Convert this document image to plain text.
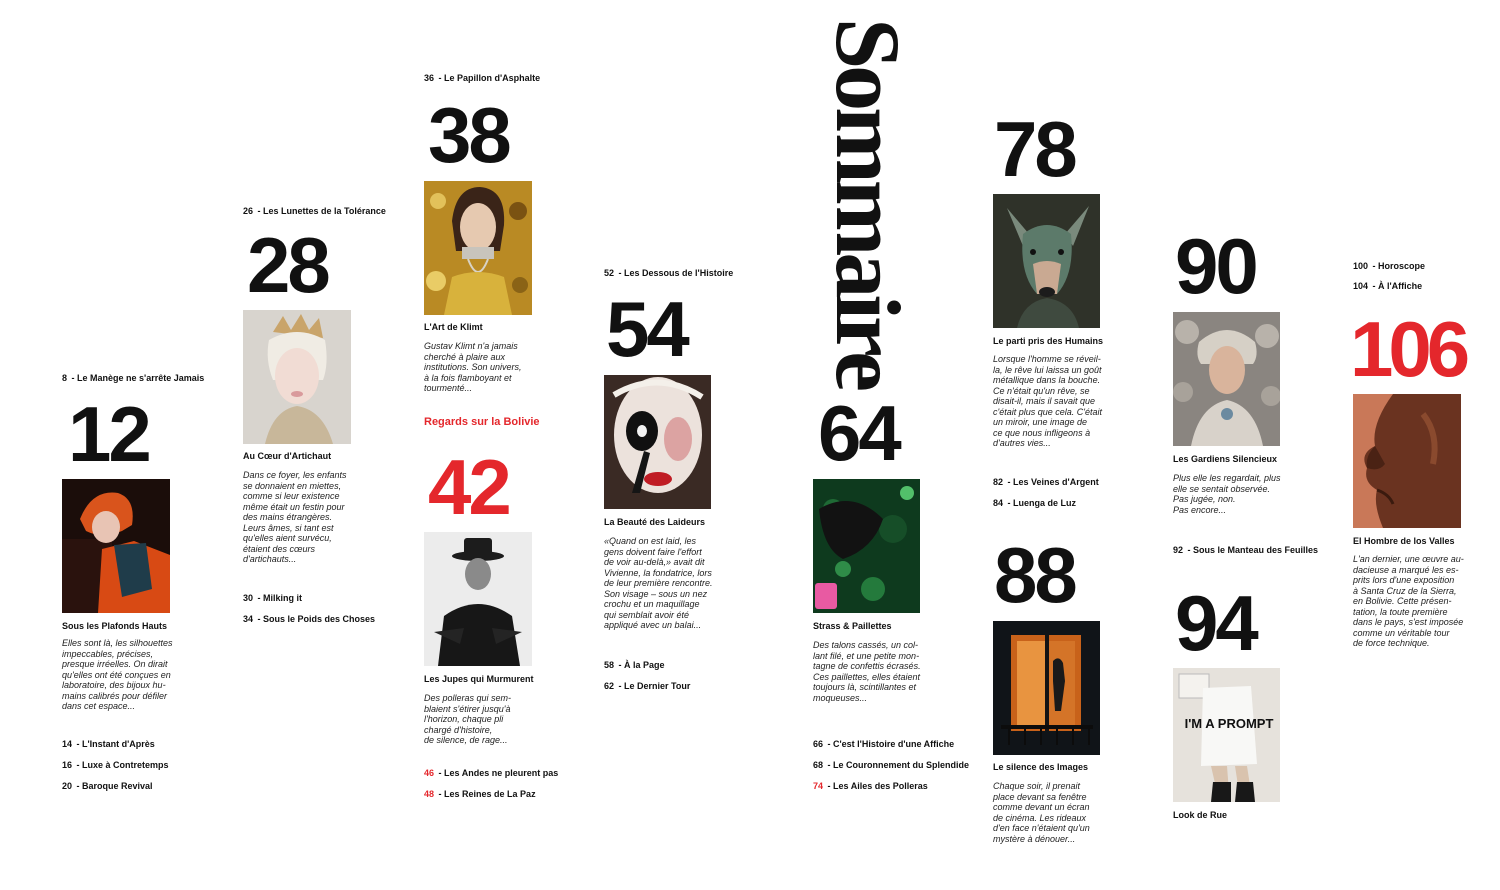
Sommaire
8 - Le Manège ne s'arrête Jamais
12
Sous les Plafonds Hauts
Elles sont là, les silhouettes
impeccables, précises,
presque irréelles. On dirait
qu'elles ont été conçues en
laboratoire, des bijoux hu-
mains calibrés pour défiler
dans cet espace...
14 - L'Instant d'Après
16 - Luxe à Contretemps
20 - Baroque Revival
26 - Les Lunettes de la Tolérance
28
Au Cœur d'Artichaut
Dans ce foyer, les enfants
se donnaient en miettes,
comme si leur existence
même était un festin pour
des mains étrangères.
Leurs âmes, si tant est
qu'elles aient survécu,
étaient des cœurs
d'artichauts...
30 - Milking it
34 - Sous le Poids des Choses
36 - Le Papillon d'Asphalte
38
L'Art de Klimt
Gustav Klimt n'a jamais
cherché à plaire aux
institutions. Son univers,
à la fois flamboyant et
tourmenté...
Regards sur la Bolivie
42
Les Jupes qui Murmurent
Des polleras qui sem-
blaient s'étirer jusqu'à
l'horizon, chaque pli
chargé d'histoire,
de silence, de rage...
46 - Les Andes ne pleurent pas
48 - Les Reines de La Paz
52 - Les Dessous de l'Histoire
54
La Beauté des Laideurs
«Quand on est laid, les
gens doivent faire l'effort
de voir au-delà,» avait dit
Vivienne, la fondatrice, lors
de leur première rencontre.
Son visage – sous un nez
crochu et un maquillage
qui semblait avoir été
appliqué avec un balai...
58 - À la Page
62 - Le Dernier Tour
64
Strass & Paillettes
Des talons cassés, un col-
lant filé, et une petite mon-
tagne de confettis écrasés.
Ces paillettes, elles étaient
toujours là, scintillantes et
moqueuses...
66 - C'est l'Histoire d'une Affiche
68 - Le Couronnement du Splendide
74 - Les Ailes des Polleras
78
Le parti pris des Humains
Lorsque l'homme se réveil-
la, le rêve lui laissa un goût
métallique dans la bouche.
Ce n'était qu'un rêve, se
disait-il, mais il savait que
c'était plus que cela. C'était
un miroir, une image de
ce que nous infligeons à
d'autres vies...
82 - Les Veines d'Argent
84 - Luenga de Luz
88
Le silence des Images
Chaque soir, il prenait
place devant sa fenêtre
comme devant un écran
de cinéma. Les rideaux
d'en face n'étaient qu'un
mystère à dénouer...
90
Les Gardiens Silencieux
Plus elle les regardait, plus
elle se sentait observée.
Pas jugée, non.
Pas encore...
92 - Sous le Manteau des Feuilles
94
I'M A PROMPT
Look de Rue
100 - Horoscope
104 - À l'Affiche
106
El Hombre de los Valles
L'an dernier, une œuvre au-
dacieuse a marqué les es-
prits lors d'une exposition
à Santa Cruz de la Sierra,
en Bolivie. Cette présen-
tation, la toute première
dans le pays, s'est imposée
comme un véritable tour
de force technique.
